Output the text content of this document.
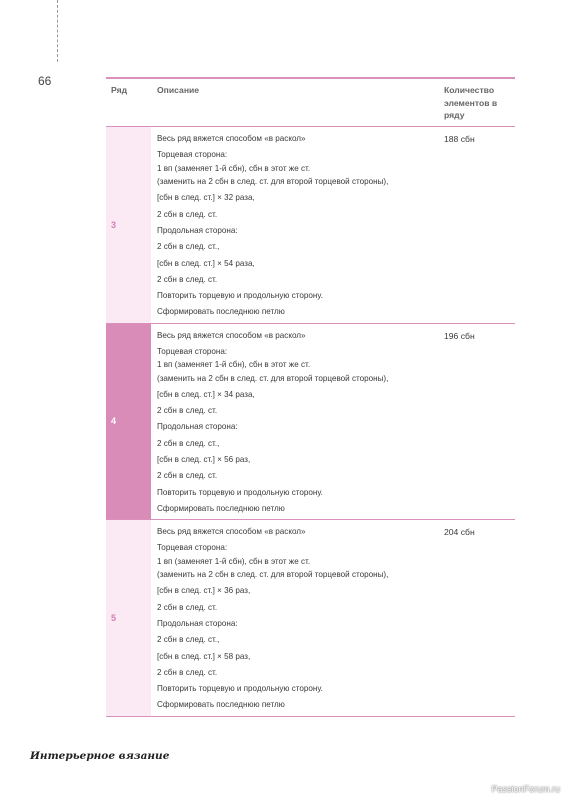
66
Ряд	Описание	Количество элементов в ряду
3
Весь ряд вяжется способом «в раскол»
Торцевая сторона:
1 вп (заменяет 1-й сбн), сбн в этот же ст.
(заменить на 2 сбн в след. ст. для второй торцевой стороны),
[сбн в след. ст.] × 32 раза,
2 сбн в след. ст.
Продольная сторона:
2 сбн в след. ст.,
[сбн в след. ст.] × 54 раза,
2 сбн в след. ст.
Повторить торцевую и продольную сторону.
Сформировать последнюю петлю
188 сбн
4
Весь ряд вяжется способом «в раскол»
Торцевая сторона:
1 вп (заменяет 1-й сбн), сбн в этот же ст.
(заменить на 2 сбн в след. ст. для второй торцевой стороны),
[сбн в след. ст.] × 34 раза,
2 сбн в след. ст.
Продольная сторона:
2 сбн в след. ст.,
[сбн в след. ст.] × 56 раз,
2 сбн в след. ст.
Повторить торцевую и продольную сторону.
Сформировать последнюю петлю
196 сбн
5
Весь ряд вяжется способом «в раскол»
Торцевая сторона:
1 вп (заменяет 1-й сбн), сбн в этот же ст.
(заменить на 2 сбн в след. ст. для второй торцевой стороны),
[сбн в след. ст.] × 36 раз,
2 сбн в след. ст.
Продольная сторона:
2 сбн в след. ст.,
[сбн в след. ст.] × 58 раз,
2 сбн в след. ст.
Повторить торцевую и продольную сторону.
Сформировать последнюю петлю
204 сбн
Интерьерное вязание
PassionForum.ru
